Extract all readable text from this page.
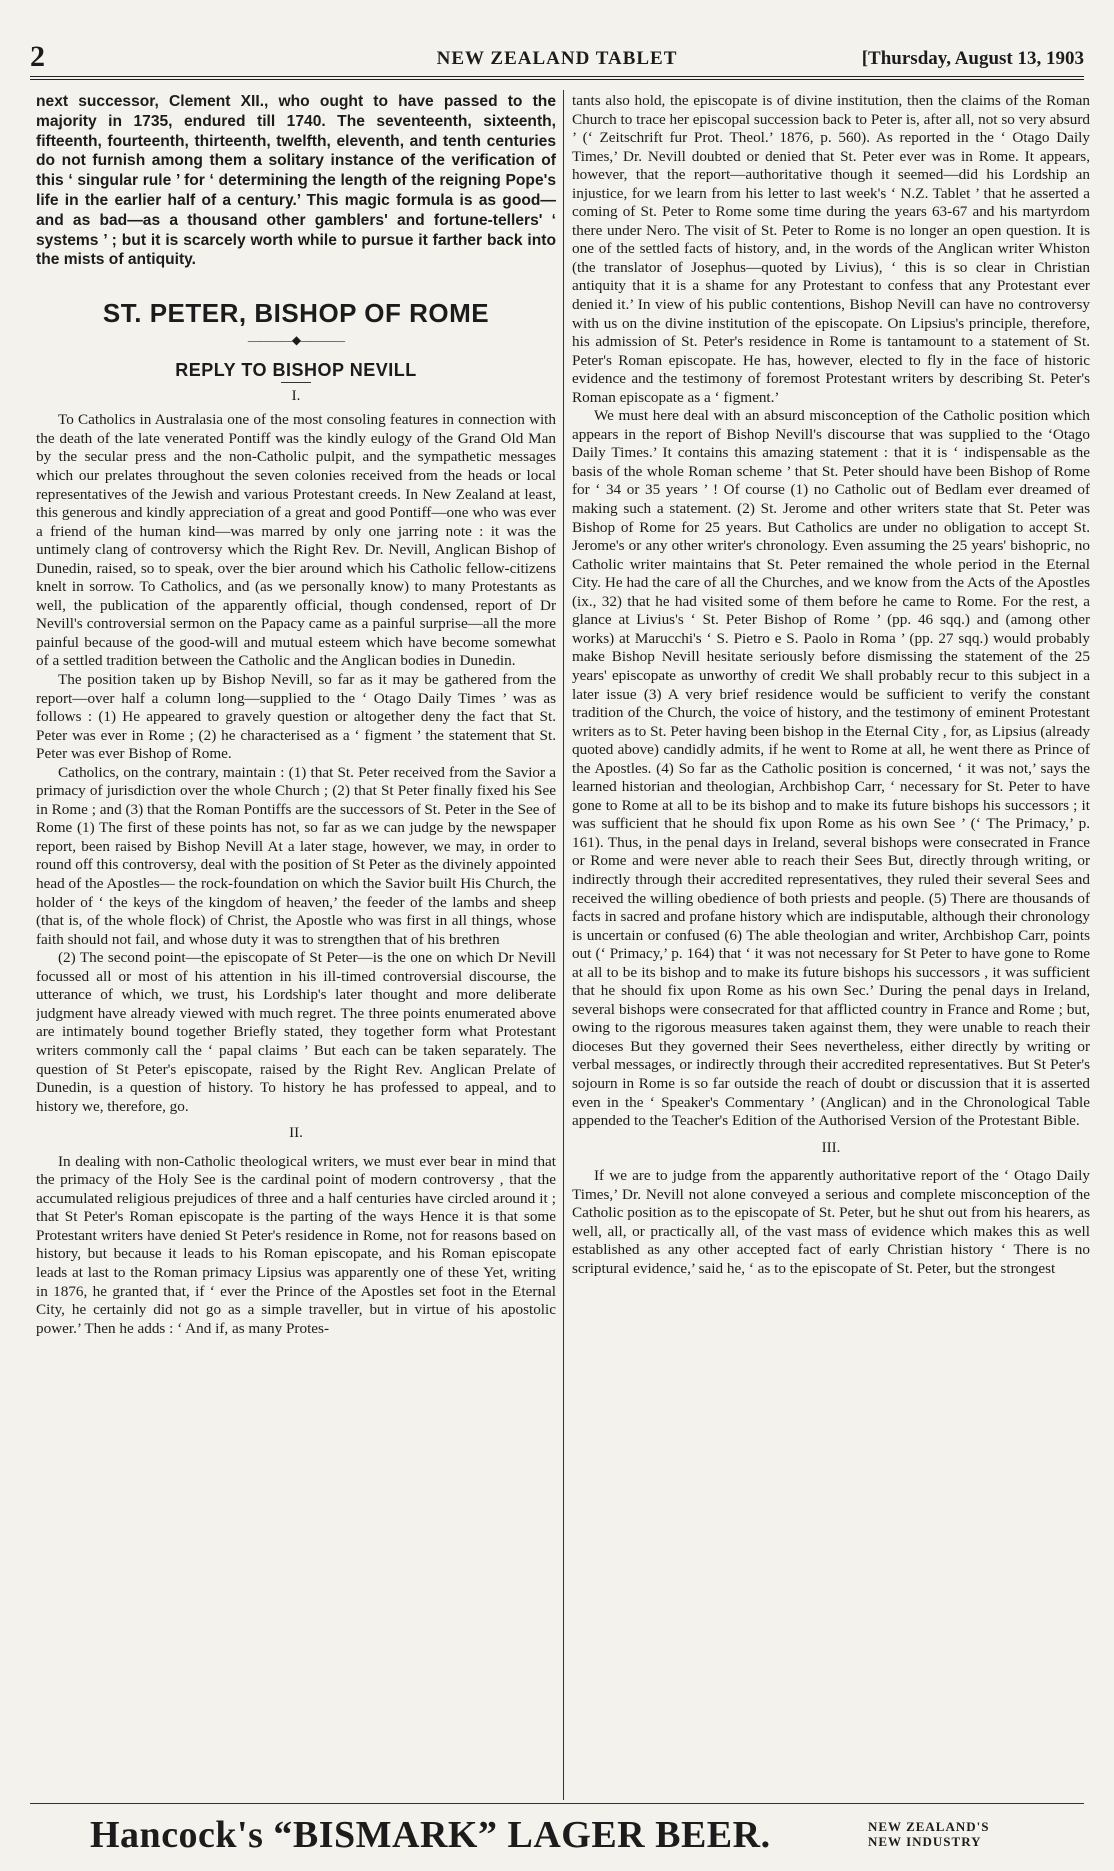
2	NEW ZEALAND TABLET	[Thursday, August 13, 1903

next successor, Clement XII., who ought to have passed to the majority in 1735, endured till 1740. The seventeenth, sixteenth, fifteenth, fourteenth, thirteenth, twelfth, eleventh, and tenth centuries do not furnish among them a solitary instance of the verification of this ‘ singular rule ’ for ‘ determining the length of the reigning Pope's life in the earlier half of a century.’ This magic formula is as good—and as bad—as a thousand other gamblers' and fortune-tellers' ‘ systems ’ ; but it is scarcely worth while to pursue it farther back into the mists of antiquity.

ST. PETER, BISHOP OF ROME
————◆————
REPLY TO BISHOP NEVILL
I.

To Catholics in Australasia one of the most consoling features in connection with the death of the late venerated Pontiff was the kindly eulogy of the Grand Old Man by the secular press and the non-Catholic pulpit, and the sympathetic messages which our prelates throughout the seven colonies received from the heads or local representatives of the Jewish and various Protestant creeds. In New Zealand at least, this generous and kindly appreciation of a great and good Pontiff—one who was ever a friend of the human kind—was marred by only one jarring note : it was the untimely clang of controversy which the Right Rev. Dr. Nevill, Anglican Bishop of Dunedin, raised, so to speak, over the bier around which his Catholic fellow-citizens knelt in sorrow. To Catholics, and (as we personally know) to many Protestants as well, the publication of the apparently official, though condensed, report of Dr Nevill's controversial sermon on the Papacy came as a painful surprise—all the more painful because of the good-will and mutual esteem which have become somewhat of a settled tradition between the Catholic and the Anglican bodies in Dunedin.

The position taken up by Bishop Nevill, so far as it may be gathered from the report—over half a column long—supplied to the ‘ Otago Daily Times ’ was as follows : (1) He appeared to gravely question or altogether deny the fact that St. Peter was ever in Rome ; (2) he characterised as a ‘ figment ’ the statement that St. Peter was ever Bishop of Rome.

Catholics, on the contrary, maintain : (1) that St. Peter received from the Savior a primacy of jurisdiction over the whole Church ; (2) that St Peter finally fixed his See in Rome ; and (3) that the Roman Pontiffs are the successors of St. Peter in the See of Rome (1) The first of these points has not, so far as we can judge by the newspaper report, been raised by Bishop Nevill At a later stage, however, we may, in order to round off this controversy, deal with the position of St Peter as the divinely appointed head of the Apostles— the rock-foundation on which the Savior built His Church, the holder of ‘ the keys of the kingdom of heaven,’ the feeder of the lambs and sheep (that is, of the whole flock) of Christ, the Apostle who was first in all things, whose faith should not fail, and whose duty it was to strengthen that of his brethren

(2) The second point—the episcopate of St Peter—is the one on which Dr Nevill focussed all or most of his attention in his ill-timed controversial discourse, the utterance of which, we trust, his Lordship's later thought and more deliberate judgment have already viewed with much regret. The three points enumerated above are intimately bound together Briefly stated, they together form what Protestant writers commonly call the ‘ papal claims ’ But each can be taken separately. The question of St Peter's episcopate, raised by the Right Rev. Anglican Prelate of Dunedin, is a question of history. To history he has professed to appeal, and to history we, therefore, go.

II.

In dealing with non-Catholic theological writers, we must ever bear in mind that the primacy of the Holy See is the cardinal point of modern controversy , that the accumulated religious prejudices of three and a half centuries have circled around it ; that St Peter's Roman episcopate is the parting of the ways Hence it is that some Protestant writers have denied St Peter's residence in Rome, not for reasons based on history, but because it leads to his Roman episcopate, and his Roman episcopate leads at last to the Roman primacy Lipsius was apparently one of these Yet, writing in 1876, he granted that, if ‘ ever the Prince of the Apostles set foot in the Eternal City, he certainly did not go as a simple traveller, but in virtue of his apostolic power.’ Then he adds : ‘ And if, as many Protes-

tants also hold, the episcopate is of divine institution, then the claims of the Roman Church to trace her episcopal succession back to Peter is, after all, not so very absurd ’ (‘ Zeitschrift fur Prot. Theol.’ 1876, p. 560). As reported in the ‘ Otago Daily Times,’ Dr. Nevill doubted or denied that St. Peter ever was in Rome. It appears, however, that the report—authoritative though it seemed—did his Lordship an injustice, for we learn from his letter to last week's ‘ N.Z. Tablet ’ that he asserted a coming of St. Peter to Rome some time during the years 63-67 and his martyrdom there under Nero. The visit of St. Peter to Rome is no longer an open question. It is one of the settled facts of history, and, in the words of the Anglican writer Whiston (the translator of Josephus—quoted by Livius), ‘ this is so clear in Christian antiquity that it is a shame for any Protestant to confess that any Protestant ever denied it.’ In view of his public contentions, Bishop Nevill can have no controversy with us on the divine institution of the episcopate. On Lipsius's principle, therefore, his admission of St. Peter's residence in Rome is tantamount to a statement of St. Peter's Roman episcopate. He has, however, elected to fly in the face of historic evidence and the testimony of foremost Protestant writers by describing St. Peter's Roman episcopate as a ‘ figment.’

We must here deal with an absurd misconception of the Catholic position which appears in the report of Bishop Nevill's discourse that was supplied to the ‘Otago Daily Times.’ It contains this amazing statement : that it is ‘ indispensable as the basis of the whole Roman scheme ’ that St. Peter should have been Bishop of Rome for ‘ 34 or 35 years ’ ! Of course (1) no Catholic out of Bedlam ever dreamed of making such a statement. (2) St. Jerome and other writers state that St. Peter was Bishop of Rome for 25 years. But Catholics are under no obligation to accept St. Jerome's or any other writer's chronology. Even assuming the 25 years' bishopric, no Catholic writer maintains that St. Peter remained the whole period in the Eternal City. He had the care of all the Churches, and we know from the Acts of the Apostles (ix., 32) that he had visited some of them before he came to Rome. For the rest, a glance at Livius's ‘ St. Peter Bishop of Rome ’ (pp. 46 sqq.) and (among other works) at Marucchi's ‘ S. Pietro e S. Paolo in Roma ’ (pp. 27 sqq.) would probably make Bishop Nevill hesitate seriously before dismissing the statement of the 25 years' episcopate as unworthy of credit We shall probably recur to this subject in a later issue (3) A very brief residence would be sufficient to verify the constant tradition of the Church, the voice of history, and the testimony of eminent Protestant writers as to St. Peter having been bishop in the Eternal City , for, as Lipsius (already quoted above) candidly admits, if he went to Rome at all, he went there as Prince of the Apostles. (4) So far as the Catholic position is concerned, ‘ it was not,’ says the learned historian and theologian, Archbishop Carr, ‘ necessary for St. Peter to have gone to Rome at all to be its bishop and to make its future bishops his successors ; it was sufficient that he should fix upon Rome as his own See ’ (‘ The Primacy,’ p. 161). Thus, in the penal days in Ireland, several bishops were consecrated in France or Rome and were never able to reach their Sees But, directly through writing, or indirectly through their accredited representatives, they ruled their several Sees and received the willing obedience of both priests and people. (5) There are thousands of facts in sacred and profane history which are indisputable, although their chronology is uncertain or confused (6) The able theologian and writer, Archbishop Carr, points out (‘ Primacy,’ p. 164) that ‘ it was not necessary for St Peter to have gone to Rome at all to be its bishop and to make its future bishops his successors , it was sufficient that he should fix upon Rome as his own Sec.’ During the penal days in Ireland, several bishops were consecrated for that afflicted country in France and Rome ; but, owing to the rigorous measures taken against them, they were unable to reach their dioceses But they governed their Sees nevertheless, either directly by writing or verbal messages, or indirectly through their accredited representatives. But St Peter's sojourn in Rome is so far outside the reach of doubt or discussion that it is asserted even in the ‘ Speaker's Commentary ’ (Anglican) and in the Chronological Table appended to the Teacher's Edition of the Authorised Version of the Protestant Bible.

III.

If we are to judge from the apparently authoritative report of the ‘ Otago Daily Times,’ Dr. Nevill not alone conveyed a serious and complete misconception of the Catholic position as to the episcopate of St. Peter, but he shut out from his hearers, as well, all, or practically all, of the vast mass of evidence which makes this as well established as any other accepted fact of early Christian history ‘ There is no scriptural evidence,’ said he, ‘ as to the episcopate of St. Peter, but the strongest

Hancock's “BISMARK” LAGER BEER.	NEW ZEALAND'S
NEW INDUSTRY
